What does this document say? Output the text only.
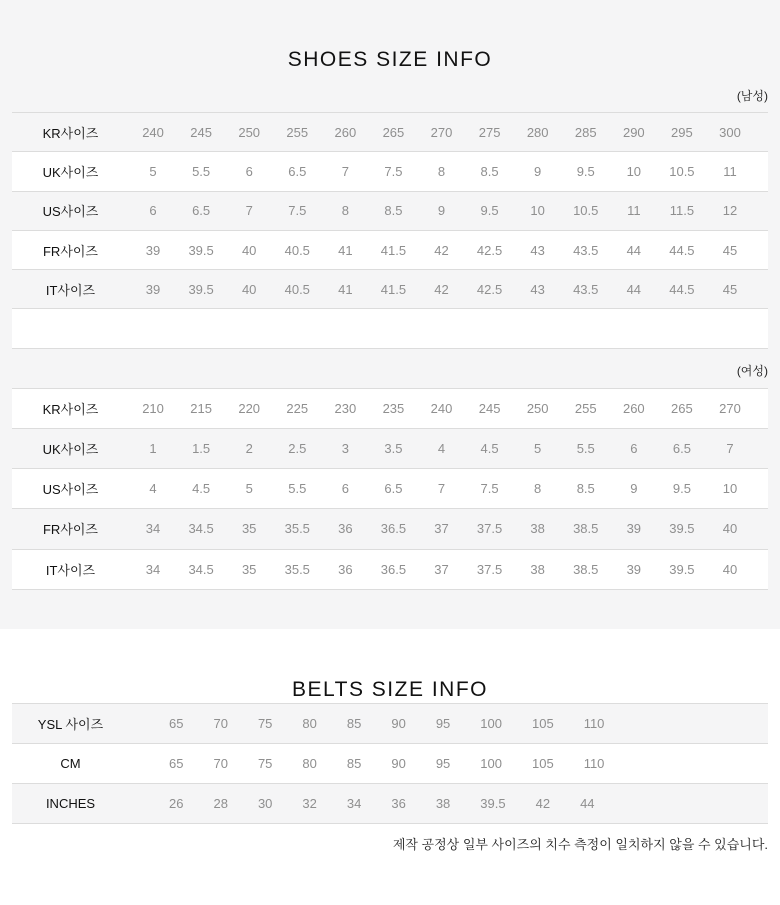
SHOES SIZE INFO
(남성)
KR사이즈	240	245	250	255	260	265	270	275	280	285	290	295	300
UK사이즈	5	5.5	6	6.5	7	7.5	8	8.5	9	9.5	10	10.5	11
US사이즈	6	6.5	7	7.5	8	8.5	9	9.5	10	10.5	11	11.5	12
FR사이즈	39	39.5	40	40.5	41	41.5	42	42.5	43	43.5	44	44.5	45
IT사이즈	39	39.5	40	40.5	41	41.5	42	42.5	43	43.5	44	44.5	45
(여성)
KR사이즈	210	215	220	225	230	235	240	245	250	255	260	265	270
UK사이즈	1	1.5	2	2.5	3	3.5	4	4.5	5	5.5	6	6.5	7
US사이즈	4	4.5	5	5.5	6	6.5	7	7.5	8	8.5	9	9.5	10
FR사이즈	34	34.5	35	35.5	36	36.5	37	37.5	38	38.5	39	39.5	40
IT사이즈	34	34.5	35	35.5	36	36.5	37	37.5	38	38.5	39	39.5	40
BELTS SIZE INFO
YSL 사이즈	65 70 75 80 85 90 95 100 105 110
CM	65 70 75 80 85 90 95 100 105 110
INCHES	26 28 30 32 34 36 38 39.5 42 44
제작 공정상 일부 사이즈의 치수 측정이 일치하지 않을 수 있습니다.
